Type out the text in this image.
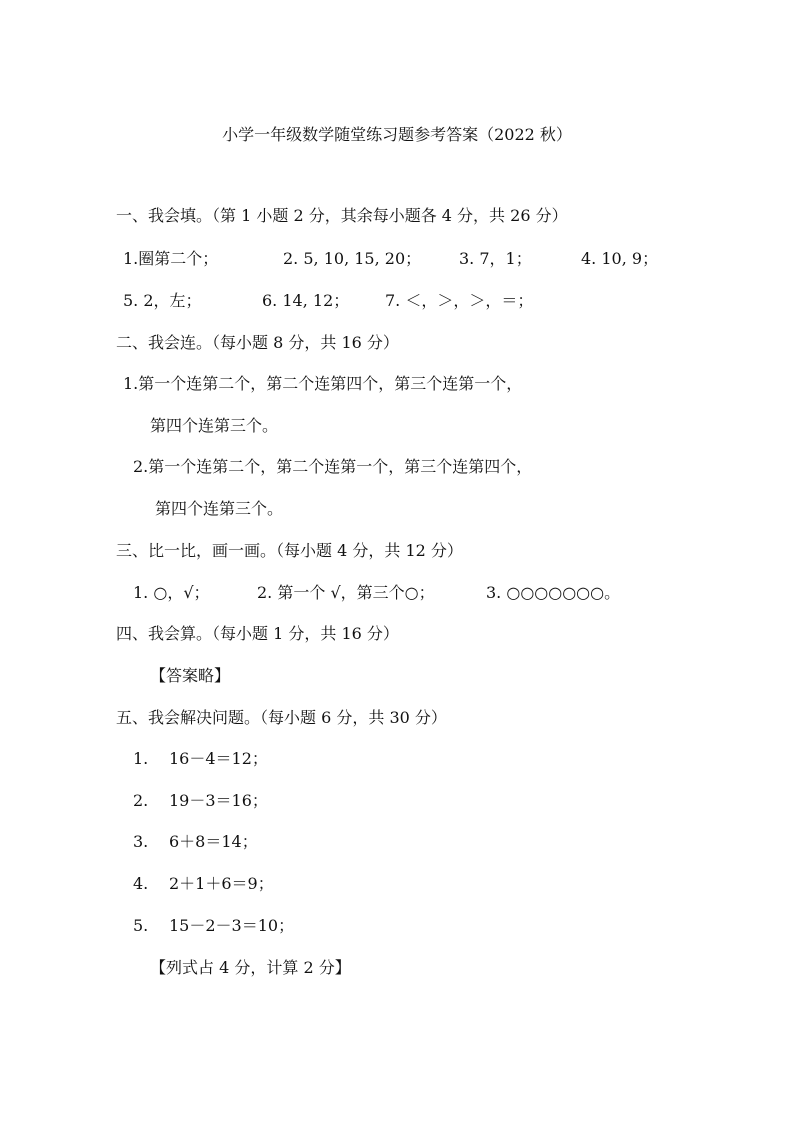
小学一年级数学随堂练习题参考答案（2022 秋）
一、我会填。（第 1 小题 2 分，其余每小题各 4 分，共 26 分）
1.圈第二个；	2. 5, 10, 15, 20； 3. 7，1；	4. 10, 9；
5. 2，左；	6. 14, 12； 7. ＜，＞，＞，＝；
二、我会连。（每小题 8 分，共 16 分）
1.第一个连第二个，第二个连第四个，第三个连第一个，
第四个连第三个。
2.第一个连第二个，第二个连第一个，第三个连第四个，
第四个连第三个。
三、比一比，画一画。（每小题 4 分，共 12 分）
1. ○，√；	2. 第一个 √，第三个○；	3. ○○○○○○○。
四、我会算。（每小题 1 分，共 16 分）
【答案略】
五、我会解决问题。（每小题 6 分，共 30 分）
1. 16－4＝12；
2. 19－3＝16；
3. 6＋8＝14；
4. 2＋1＋6＝9；
5. 15－2－3＝10；
【列式占 4 分，计算 2 分】
